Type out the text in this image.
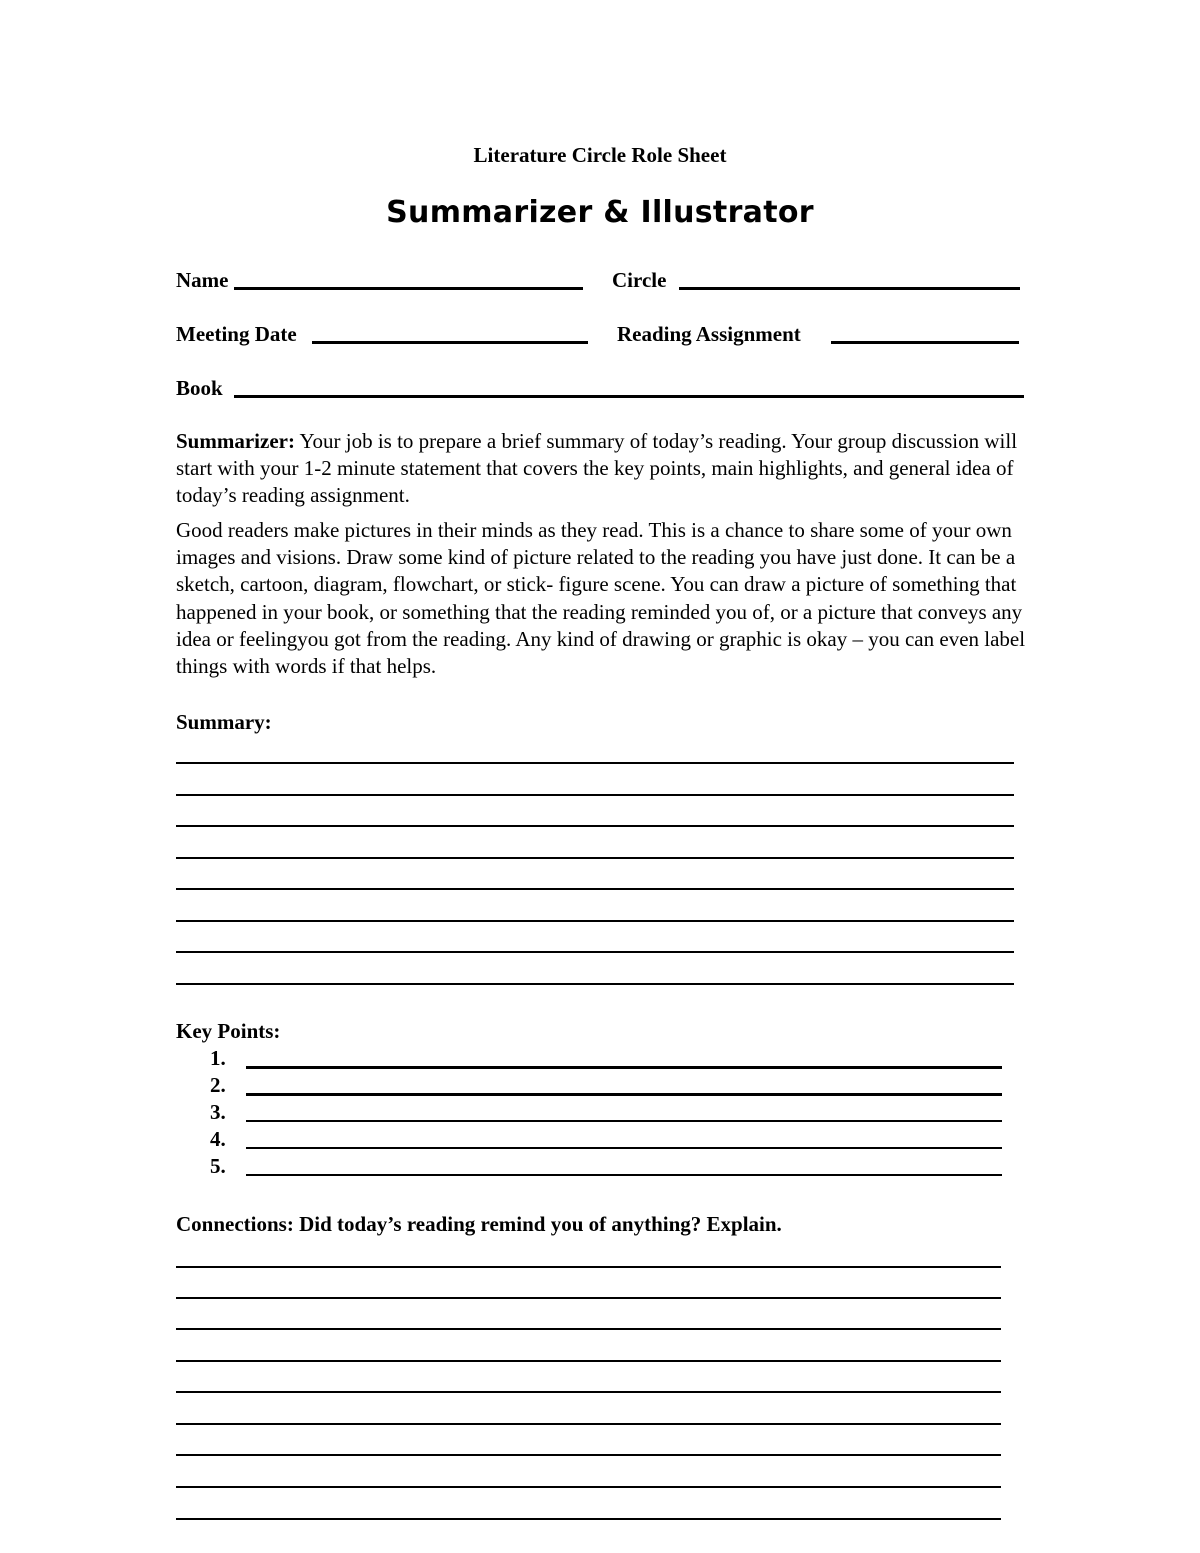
Literature Circle Role Sheet
Summarizer & Illustrator
Name	Circle
Meeting Date	Reading Assignment
Book
Summarizer: Your job is to prepare a brief summary of today’s reading. Your group discussion will start with your 1-2 minute statement that covers the key points, main highlights, and general idea of today’s reading assignment.
Good readers make pictures in their minds as they read. This is a chance to share some of your own images and visions. Draw some kind of picture related to the reading you have just done. It can be a sketch, cartoon, diagram, flowchart, or stick- figure scene. You can draw a picture of something that happened in your book, or something that the reading reminded you of, or a picture that conveys any idea or feelingyou got from the reading. Any kind of drawing or graphic is okay – you can even label things with words if that helps.
Summary:
Key Points:
1.
2.
3.
4.
5.
Connections: Did today’s reading remind you of anything? Explain.
